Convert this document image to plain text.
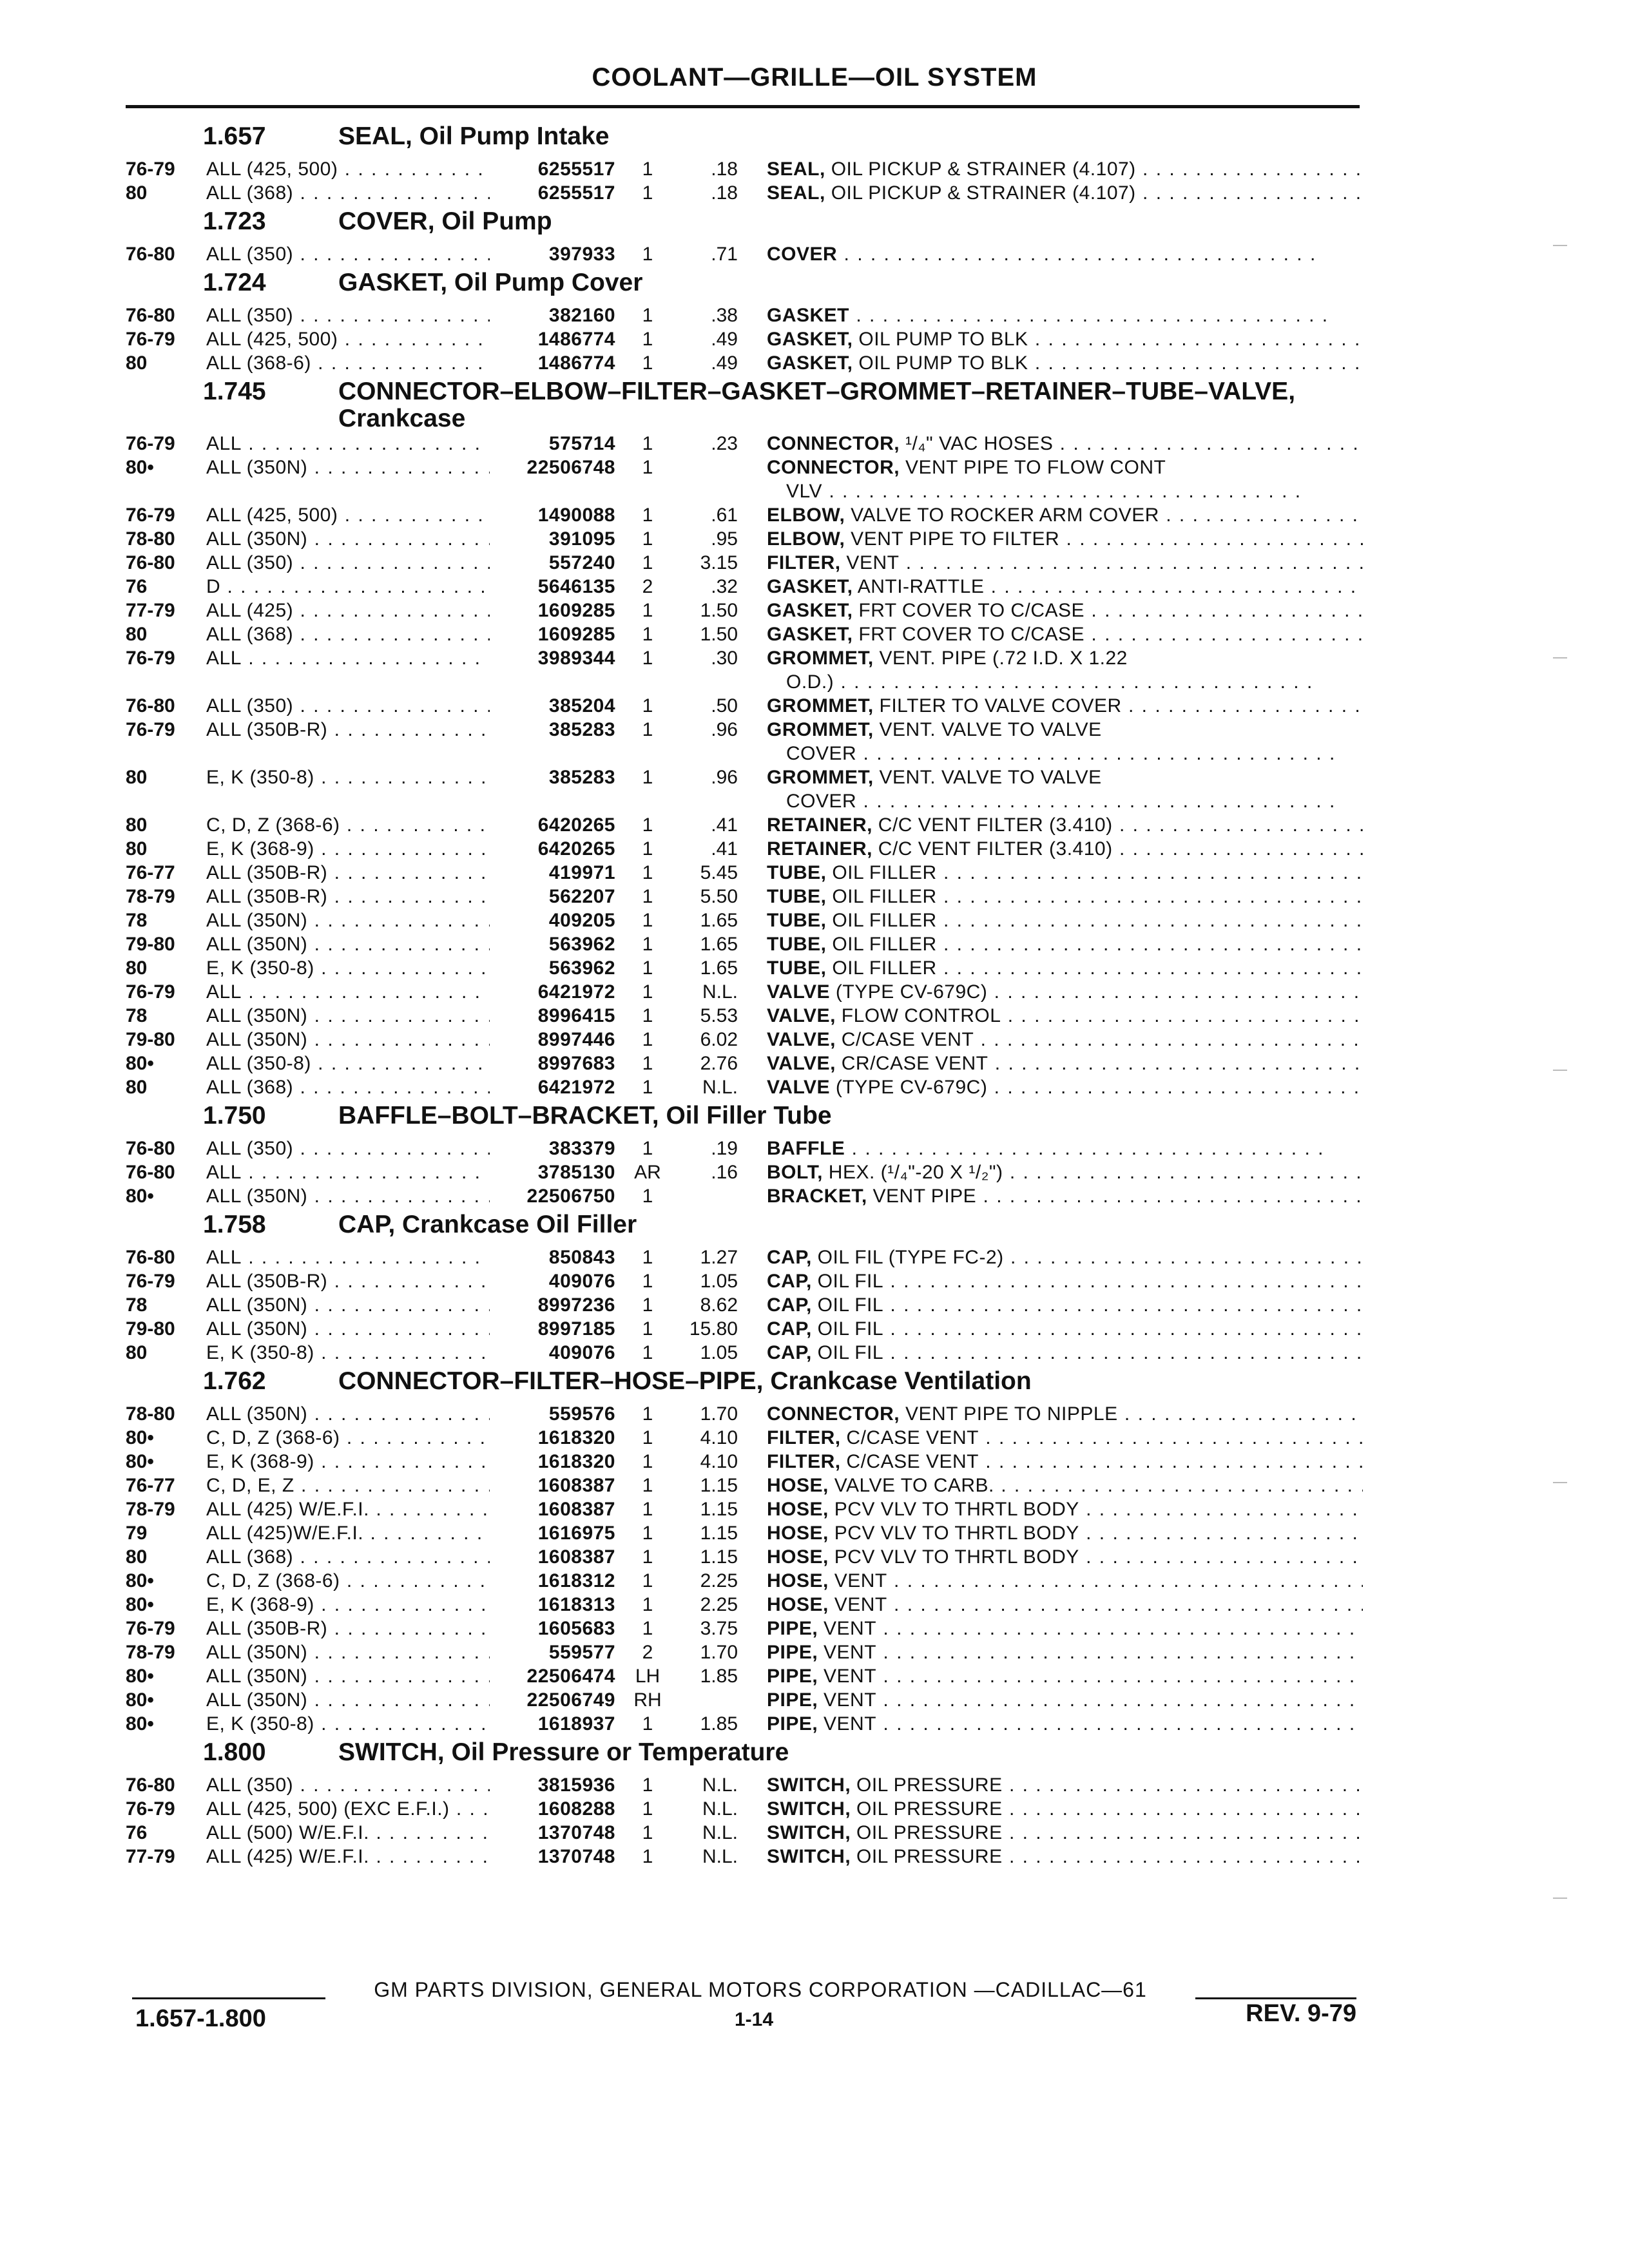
COOLANT—GRILLE—OIL SYSTEM
1.657	SEAL, Oil Pump Intake
76-79	ALL (425, 500) . . .	6255517	1	.18 SEAL, OIL PICKUP & STRAINER (4.107) . . .
80	ALL (368) . . .	6255517	1	.18 SEAL, OIL PICKUP & STRAINER (4.107) . . .
1.723	COVER, Oil Pump
76-80	ALL (350) . . .	397933	1	.71 COVER . . .
1.724	GASKET, Oil Pump Cover
76-80	ALL (350) . . .	382160	1	.38 GASKET . . .
76-79	ALL (425, 500) . . .	1486774	1	.49 GASKET, OIL PUMP TO BLK . . .
80	ALL (368-6) . . .	1486774	1	.49 GASKET, OIL PUMP TO BLK . . .
1.745	CONNECTOR–ELBOW–FILTER–GASKET–GROMMET–RETAINER–TUBE–VALVE, Crankcase
76-79	ALL . . .	575714	1	.23 CONNECTOR, ¹/₄" VAC HOSES . . .
80•	ALL (350N) . . .	22506748	1	CONNECTOR, VENT PIPE TO FLOW CONT
VLV . . .
76-79	ALL (425, 500) . . .	1490088	1	.61 ELBOW, VALVE TO ROCKER ARM COVER . . .
78-80	ALL (350N) . . .	391095	1	.95 ELBOW, VENT PIPE TO FILTER . . .
76-80	ALL (350) . . .	557240	1	3.15 FILTER, VENT . . .
76	D . . .	5646135	2	.32 GASKET, ANTI-RATTLE . . .
77-79	ALL (425) . . .	1609285	1	1.50 GASKET, FRT COVER TO C/CASE . . .
80	ALL (368) . . .	1609285	1	1.50 GASKET, FRT COVER TO C/CASE . . .
76-79	ALL . . .	3989344	1	.30 GROMMET, VENT. PIPE (.72 I.D. X 1.22
O.D.) . . .
76-80	ALL (350) . . .	385204	1	.50 GROMMET, FILTER TO VALVE COVER . . .
76-79	ALL (350B-R) . . .	385283	1	.96 GROMMET, VENT. VALVE TO VALVE
COVER . . .
80	E, K (350-8) . . .	385283	1	.96 GROMMET, VENT. VALVE TO VALVE
COVER . . .
80	C, D, Z (368-6) . . .	6420265	1	.41 RETAINER, C/C VENT FILTER (3.410) . . .
80	E, K (368-9) . . .	6420265	1	.41 RETAINER, C/C VENT FILTER (3.410) . . .
76-77	ALL (350B-R) . . .	419971	1	5.45 TUBE, OIL FILLER . . .
78-79	ALL (350B-R) . . .	562207	1	5.50 TUBE, OIL FILLER . . .
78	ALL (350N) . . .	409205	1	1.65 TUBE, OIL FILLER . . .
79-80	ALL (350N) . . .	563962	1	1.65 TUBE, OIL FILLER . . .
80	E, K (350-8) . . .	563962	1	1.65 TUBE, OIL FILLER . . .
76-79	ALL . . .	6421972	1	N.L. VALVE (TYPE CV-679C) . . .
78	ALL (350N) . . .	8996415	1	5.53 VALVE, FLOW CONTROL . . .
79-80	ALL (350N) . . .	8997446	1	6.02 VALVE, C/CASE VENT . . .
80•	ALL (350-8) . . .	8997683	1	2.76 VALVE, CR/CASE VENT . . .
80	ALL (368) . . .	6421972	1	N.L. VALVE (TYPE CV-679C) . . .
1.750	BAFFLE–BOLT–BRACKET, Oil Filler Tube
76-80	ALL (350) . . .	383379	1	.19 BAFFLE . . .
76-80	ALL . . .	3785130 AR	.16 BOLT, HEX. (¹/₄"-20 X ¹/₂") . . .
80•	ALL (350N) . . .	22506750	1	BRACKET, VENT PIPE . . .
1.758	CAP, Crankcase Oil Filler
76-80	ALL . . .	850843	1	1.27 CAP, OIL FIL (TYPE FC-2) . . .
76-79	ALL (350B-R) . . .	409076	1	1.05 CAP, OIL FIL . . .
78	ALL (350N) . . .	8997236	1	8.62 CAP, OIL FIL . . .
79-80	ALL (350N) . . .	8997185	1	15.80 CAP, OIL FIL . . .
80	E, K (350-8) . . .	409076	1	1.05 CAP, OIL FIL . . .
1.762	CONNECTOR–FILTER–HOSE–PIPE, Crankcase Ventilation
78-80	ALL (350N) . . .	559576	1	1.70 CONNECTOR, VENT PIPE TO NIPPLE . . .
80•	C, D, Z (368-6) . . .	1618320	1	4.10 FILTER, C/CASE VENT . . .
80•	E, K (368-9) . . .	1618320	1	4.10 FILTER, C/CASE VENT . . .
76-77	C, D, E, Z . . .	1608387	1	1.15 HOSE, VALVE TO CARB. . . .
78-79	ALL (425) W/E.F.I. . . .	1608387	1	1.15 HOSE, PCV VLV TO THRTL BODY . . .
79	ALL (425)W/E.F.I. . . .	1616975	1	1.15 HOSE, PCV VLV TO THRTL BODY . . .
80	ALL (368) . . .	1608387	1	1.15 HOSE, PCV VLV TO THRTL BODY . . .
80•	C, D, Z (368-6) . . .	1618312	1	2.25 HOSE, VENT . . .
80•	E, K (368-9) . . .	1618313	1	2.25 HOSE, VENT . . .
76-79	ALL (350B-R) . . .	1605683	1	3.75 PIPE, VENT . . .
78-79	ALL (350N) . . .	559577	2	1.70 PIPE, VENT . . .
80•	ALL (350N) . . .	22506474	LH	1.85 PIPE, VENT . . .
80•	ALL (350N) . . .	22506749 RH	PIPE, VENT . . .
80•	E, K (350-8) . . .	1618937	1	1.85 PIPE, VENT . . .
1.800	SWITCH, Oil Pressure or Temperature
76-80	ALL (350) . . .	3815936	1	N.L. SWITCH, OIL PRESSURE . . .
76-79	ALL (425, 500) (EXC E.F.I.) . . .	1608288	1	N.L. SWITCH, OIL PRESSURE . . .
76	ALL (500) W/E.F.I. . . .	1370748	1	N.L. SWITCH, OIL PRESSURE . . .
77-79	ALL (425) W/E.F.I. . . .	1370748	1	N.L. SWITCH, OIL PRESSURE . . .
GM PARTS DIVISION, GENERAL MOTORS CORPORATION —CADILLAC—61
1.657-1.800	1-14	REV. 9-79
